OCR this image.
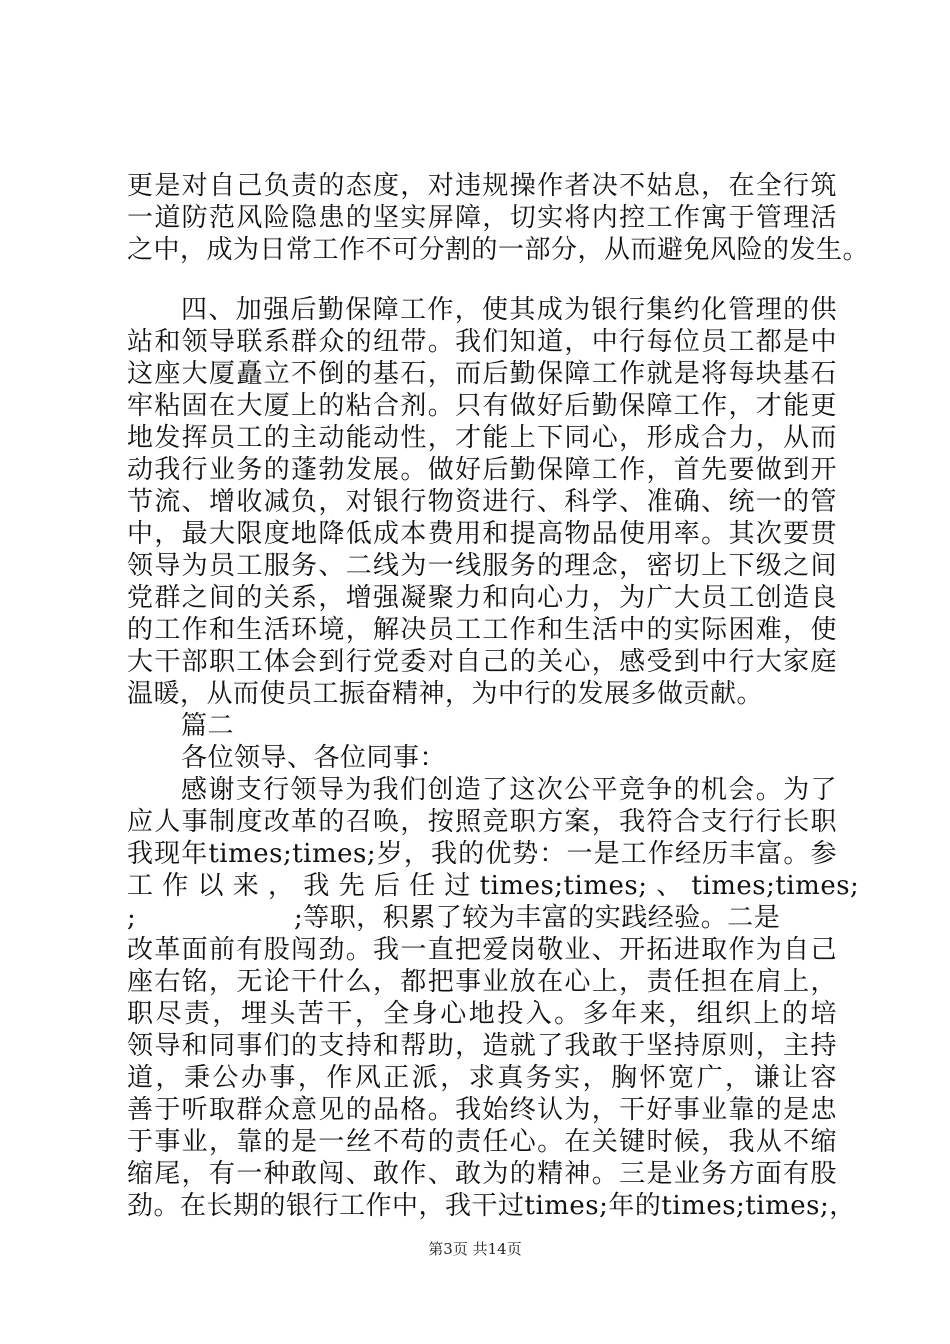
更是对自己负责的态度，对违规操作者决不姑息，在全行筑
一道防范风险隐患的坚实屏障，切实将内控工作寓于管理活
之中，成为日常工作不可分割的一部分，从而避免风险的发生。
四、加强后勤保障工作，使其成为银行集约化管理的供
站和领导联系群众的纽带。我们知道，中行每位员工都是中
这座大厦矗立不倒的基石，而后勤保障工作就是将每块基石
牢粘固在大厦上的粘合剂。只有做好后勤保障工作，才能更
地发挥员工的主动能动性，才能上下同心，形成合力，从而
动我行业务的蓬勃发展。做好后勤保障工作，首先要做到开
节流、增收减负，对银行物资进行、科学、准确、统一的管
中，最大限度地降低成本费用和提高物品使用率。其次要贯
领导为员工服务、二线为一线服务的理念，密切上下级之间
党群之间的关系，增强凝聚力和向心力，为广大员工创造良
的工作和生活环境，解决员工工作和生活中的实际困难，使
大干部职工体会到行党委对自己的关心，感受到中行大家庭
温暖，从而使员工振奋精神，为中行的发展多做贡献。
篇二
各位领导、各位同事：
感谢支行领导为我们创造了这次公平竞争的机会。为了
应人事制度改革的召唤，按照竞职方案，我符合支行行长职
我现年times;times;岁，我的优势：一是工作经历丰富。参
工 作 以 来 ， 我 先 后 任 过 times;times; 、 times;times;
;                  ;等职，积累了较为丰富的实践经验。二是
改革面前有股闯劲。我一直把爱岗敬业、开拓进取作为自己
座右铭，无论干什么，都把事业放在心上，责任担在肩上，
职尽责，埋头苦干，全身心地投入。多年来，组织上的培
领导和同事们的支持和帮助，造就了我敢于坚持原则，主持
道，秉公办事，作风正派，求真务实，胸怀宽广，谦让容
善于听取群众意见的品格。我始终认为，干好事业靠的是忠
于事业，靠的是一丝不苟的责任心。在关键时候，我从不缩
缩尾，有一种敢闯、敢作、敢为的精神。三是业务方面有股
劲。在长期的银行工作中，我干过times;年的times;times;，
第3页 共14页
